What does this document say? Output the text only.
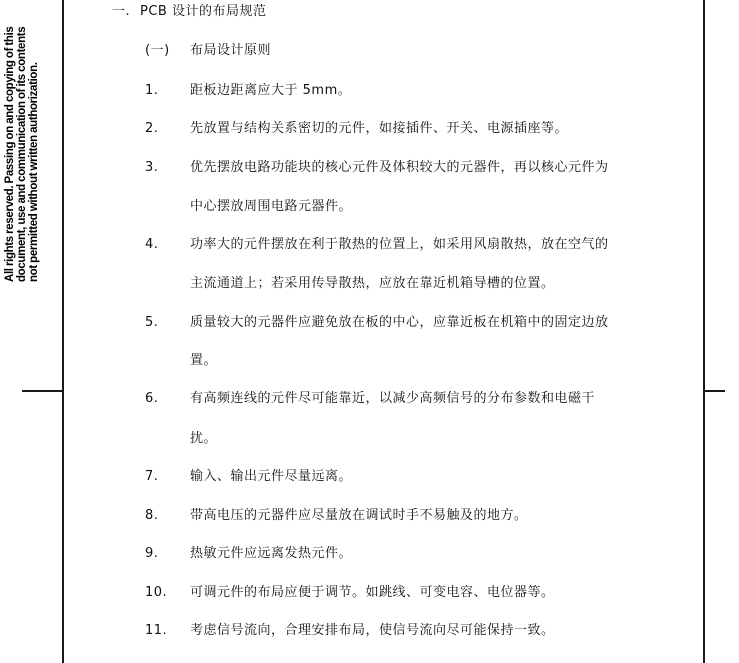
All rights reserved. Passing on and copying of this document, use and communication of its contents not permitted without written authorization.
一. PCB 设计的布局规范
(一) 布局设计原则
1. 距板边距离应大于 5mm。
2. 先放置与结构关系密切的元件，如接插件、开关、电源插座等。
3. 优先摆放电路功能块的核心元件及体积较大的元器件，再以核心元件为
中心摆放周围电路元器件。
4. 功率大的元件摆放在利于散热的位置上，如采用风扇散热，放在空气的
主流通道上；若采用传导散热，应放在靠近机箱导槽的位置。
5. 质量较大的元器件应避免放在板的中心，应靠近板在机箱中的固定边放
置。
6. 有高频连线的元件尽可能靠近，以减少高频信号的分布参数和电磁干
扰。
7. 输入、输出元件尽量远离。
8. 带高电压的元器件应尽量放在调试时手不易触及的地方。
9. 热敏元件应远离发热元件。
10. 可调元件的布局应便于调节。如跳线、可变电容、电位器等。
11. 考虑信号流向，合理安排布局，使信号流向尽可能保持一致。
